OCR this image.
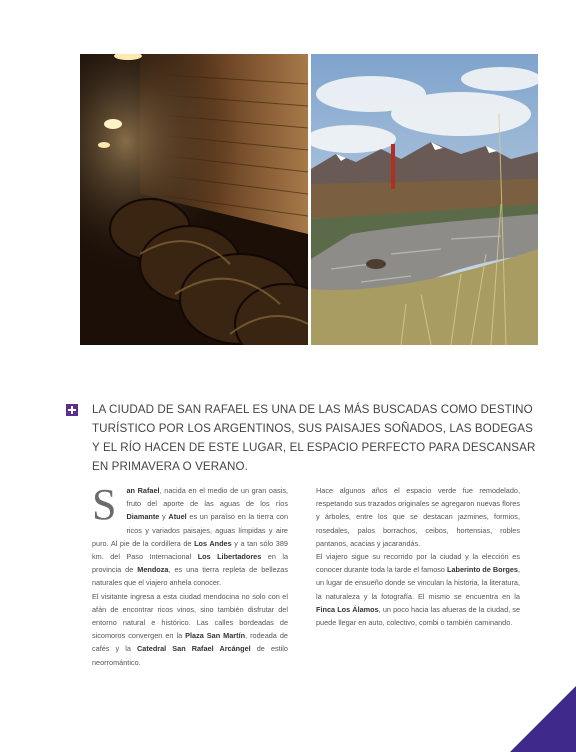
LA CIUDAD DE SAN RAFAEL ES UNA DE LAS MÁS BUSCADAS COMO DESTINO TURÍSTICO POR LOS ARGENTINOS, SUS PAISAJES SOÑADOS, LAS BODEGAS Y EL RÍO HACEN DE ESTE LUGAR, EL ESPACIO PERFECTO PARA DESCANSAR EN PRIMAVERA O VERANO.

S an Rafael, nacida en el medio de un gran oasis, fruto del aporte de las aguas de los ríos Diamante y Atuel es un paraíso en la tierra con ricos y variados paisajes, aguas límpidas y aire puro. Al pie de la cordillera de Los Andes y a tan sólo 389 km. del Paso Internacional Los Libertadores en la provincia de Mendoza, es una tierra repleta de bellezas naturales que el viajero anhela conocer.

El visitante ingresa a esta ciudad mendocina no solo con el afán de encontrar ricos vinos, sino también disfrutar del entorno natural e histórico. Las calles bordeadas de sicomoros convergen en la Plaza San Martín, rodeada de cafés y la Catedral San Rafael Arcángel de estilo neorromántico.

Hace algunos años el espacio verde fue remodelado, respetando sus trazados originales se agregaron nuevas flores y árboles, entre los que se destacan jazmines, formios, rosedales, palos borrachos, ceibos, hortensias, robles pantanos, acacias y jacarandás.

El viajero sigue su recorrido por la ciudad y la elección es conocer durante toda la tarde el famoso Laberinto de Borges, un lugar de ensueño donde se vinculan la historia, la literatura, la naturaleza y la fotografía. El mismo se encuentra en la Finca Los Álamos, un poco hacia las afueras de la ciudad, se puede llegar en auto, colectivo, combi o también caminando.
